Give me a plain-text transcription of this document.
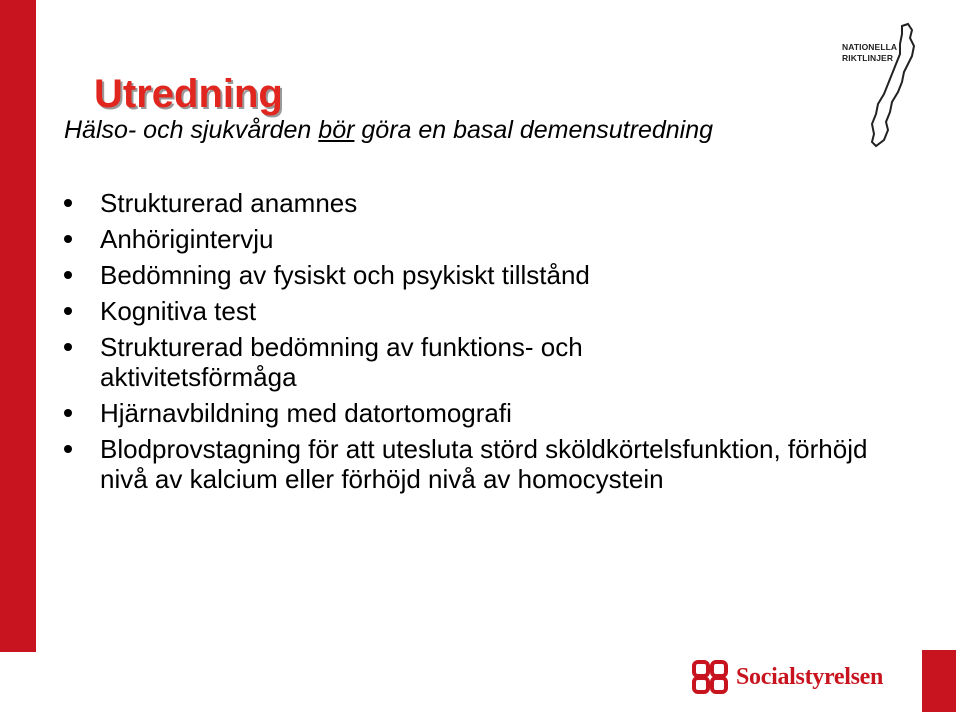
Utredning
Hälso- och sjukvården bör göra en basal demensutredning
Strukturerad anamnes
Anhörigintervju
Bedömning av fysiskt och psykiskt tillstånd
Kognitiva test
Strukturerad bedömning av funktions- och aktivitetsförmåga
Hjärnavbildning med datortomografi
Blodprovstagning för att utesluta störd sköldkörtelsfunktion, förhöjd nivå av kalcium eller förhöjd nivå av homocystein
NATIONELLA
RIKTLINJER
Socialstyrelsen
